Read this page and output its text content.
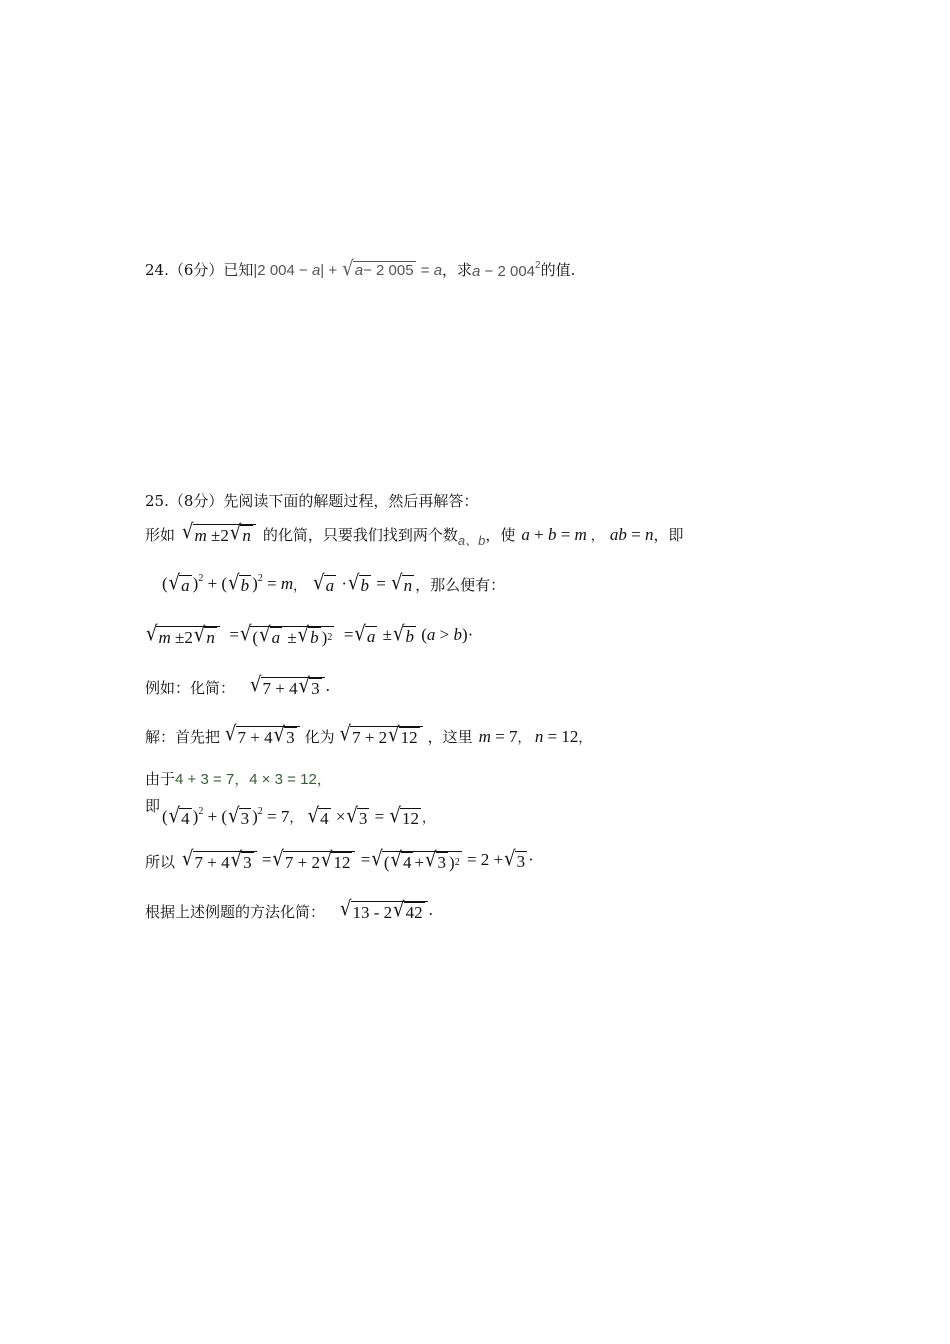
24.（6分）已知 |2 004 − a| + √ a − 2 005 = a ，求 a − 2 $004^2$ 的值.
25.（8分）先阅读下面的解题过程，然后再解答：
形如 √ m ±2 √ n 的化简，只要我们找到两个数 a、b ，使 a + b = m ， ab = n ，即
( √ a )$^2$ + ( √ b )$^2$ = m ， √ a · √ b = √ n ，那么便有：
√ m ±2 √ n = √ ( √ a ± √ b ) 2 = √ a ± √ b (a > b)·
例如：化简： √ 7 + 4 √ 3 .
解：首先把 √ 7 + 4 √ 3 化为 √ 7 + 2 √ 12 ，这里 m = 7， n = 12，
由于 4 + 3 = 7，4 × 3 = 12，
即
( √ 4 )$^2$ + ( √ 3 )$^2$ = 7， √ 4 × √ 3 = √ 12 ，
所以 √ 7 + 4 √ 3 = √ 7 + 2 √ 12 = √ ( √ 4 + √ 3 ) 2 = 2 + √ 3 ·
根据上述例题的方法化简： √ 13 - 2 √ 42 .
